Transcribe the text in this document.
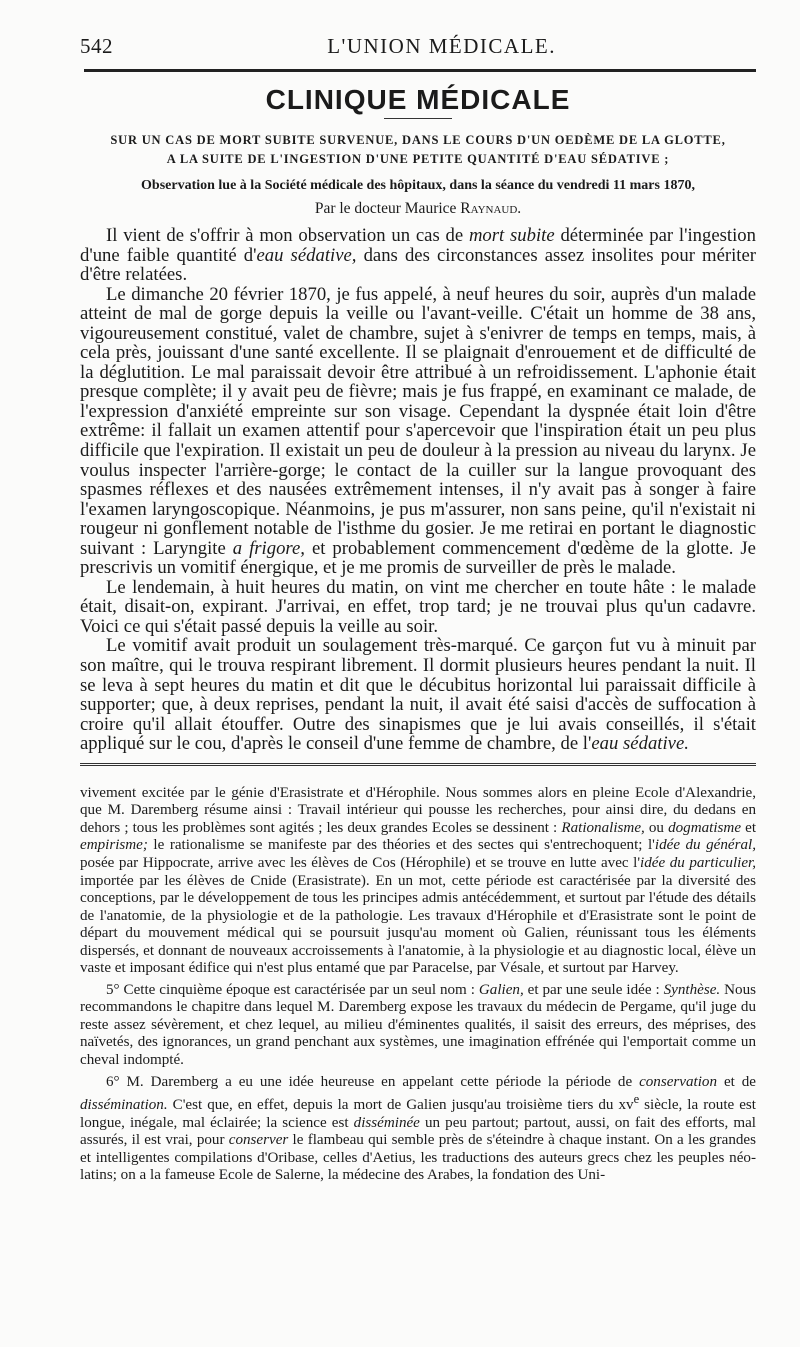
542	L'UNION MÉDICALE.
CLINIQUE MÉDICALE
SUR UN CAS DE MORT SUBITE SURVENUE, DANS LE COURS D'UN OEDÈME DE LA GLOTTE,
A LA SUITE DE L'INGESTION D'UNE PETITE QUANTITÉ D'EAU SÉDATIVE ;
Observation lue à la Société médicale des hôpitaux, dans la séance du vendredi 11 mars 1870,
Par le docteur Maurice Raynaud.

Il vient de s'offrir à mon observation un cas de mort subite déterminée par l'ingestion d'une faible quantité d'eau sédative, dans des circonstances assez insolites pour mériter d'être relatées.

Le dimanche 20 février 1870, je fus appelé, à neuf heures du soir, auprès d'un malade atteint de mal de gorge depuis la veille ou l'avant-veille. C'était un homme de 38 ans, vigoureusement constitué, valet de chambre, sujet à s'enivrer de temps en temps, mais, à cela près, jouissant d'une santé excellente. Il se plaignait d'enrouement et de difficulté de la déglutition. Le mal paraissait devoir être attribué à un refroidissement. L'aphonie était presque complète; il y avait peu de fièvre; mais je fus frappé, en examinant ce malade, de l'expression d'anxiété empreinte sur son visage. Cependant la dyspnée était loin d'être extrême: il fallait un examen attentif pour s'apercevoir que l'inspiration était un peu plus difficile que l'expiration. Il existait un peu de douleur à la pression au niveau du larynx. Je voulus inspecter l'arrière-gorge; le contact de la cuiller sur la langue provoquant des spasmes réflexes et des nausées extrêmement intenses, il n'y avait pas à songer à faire l'examen laryngoscopique. Néanmoins, je pus m'assurer, non sans peine, qu'il n'existait ni rougeur ni gonflement notable de l'isthme du gosier. Je me retirai en portant le diagnostic suivant : Laryngite a frigore, et probablement commencement d'œdème de la glotte. Je prescrivis un vomitif énergique, et je me promis de surveiller de près le malade.

Le lendemain, à huit heures du matin, on vint me chercher en toute hâte : le malade était, disait-on, expirant. J'arrivai, en effet, trop tard; je ne trouvai plus qu'un cadavre. Voici ce qui s'était passé depuis la veille au soir.

Le vomitif avait produit un soulagement très-marqué. Ce garçon fut vu à minuit par son maître, qui le trouva respirant librement. Il dormit plusieurs heures pendant la nuit. Il se leva à sept heures du matin et dit que le décubitus horizontal lui paraissait difficile à supporter; que, à deux reprises, pendant la nuit, il avait été saisi d'accès de suffocation à croire qu'il allait étouffer. Outre des sinapismes que je lui avais conseillés, il s'était appliqué sur le cou, d'après le conseil d'une femme de chambre, de l'eau sédative.

vivement excitée par le génie d'Erasistrate et d'Hérophile. Nous sommes alors en pleine Ecole d'Alexandrie, que M. Daremberg résume ainsi : Travail intérieur qui pousse les recherches, pour ainsi dire, du dedans en dehors ; tous les problèmes sont agités ; les deux grandes Ecoles se dessinent : Rationalisme, ou dogmatisme et empirisme; le rationalisme se manifeste par des théories et des sectes qui s'entrechoquent; l'idée du général, posée par Hippocrate, arrive avec les élèves de Cos (Hérophile) et se trouve en lutte avec l'idée du particulier, importée par les élèves de Cnide (Erasistrate). En un mot, cette période est caractérisée par la diversité des conceptions, par le développement de tous les principes admis antécédemment, et surtout par l'étude des détails de l'anatomie, de la physiologie et de la pathologie. Les travaux d'Hérophile et d'Erasistrate sont le point de départ du mouvement médical qui se poursuit jusqu'au moment où Galien, réunissant tous les éléments dispersés, et donnant de nouveaux accroissements à l'anatomie, à la physiologie et au diagnostic local, élève un vaste et imposant édifice qui n'est plus entamé que par Paracelse, par Vésale, et surtout par Harvey.

5° Cette cinquième époque est caractérisée par un seul nom : Galien, et par une seule idée : Synthèse. Nous recommandons le chapitre dans lequel M. Daremberg expose les travaux du médecin de Pergame, qu'il juge du reste assez sévèrement, et chez lequel, au milieu d'éminentes qualités, il saisit des erreurs, des méprises, des naïvetés, des ignorances, un grand penchant aux systèmes, une imagination effrénée qui l'emportait comme un cheval indompté.

6° M. Daremberg a eu une idée heureuse en appelant cette période la période de conservation et de dissémination. C'est que, en effet, depuis la mort de Galien jusqu'au troisième tiers du $xv^e$ siècle, la route est longue, inégale, mal éclairée; la science est disséminée un peu partout; partout, aussi, on fait des efforts, mal assurés, il est vrai, pour conserver le flambeau qui semble près de s'éteindre à chaque instant. On a les grandes et intelligentes compilations d'Oribase, celles d'Aetius, les traductions des auteurs grecs chez les peuples néo-latins; on a la fameuse Ecole de Salerne, la médecine des Arabes, la fondation des Uni-
